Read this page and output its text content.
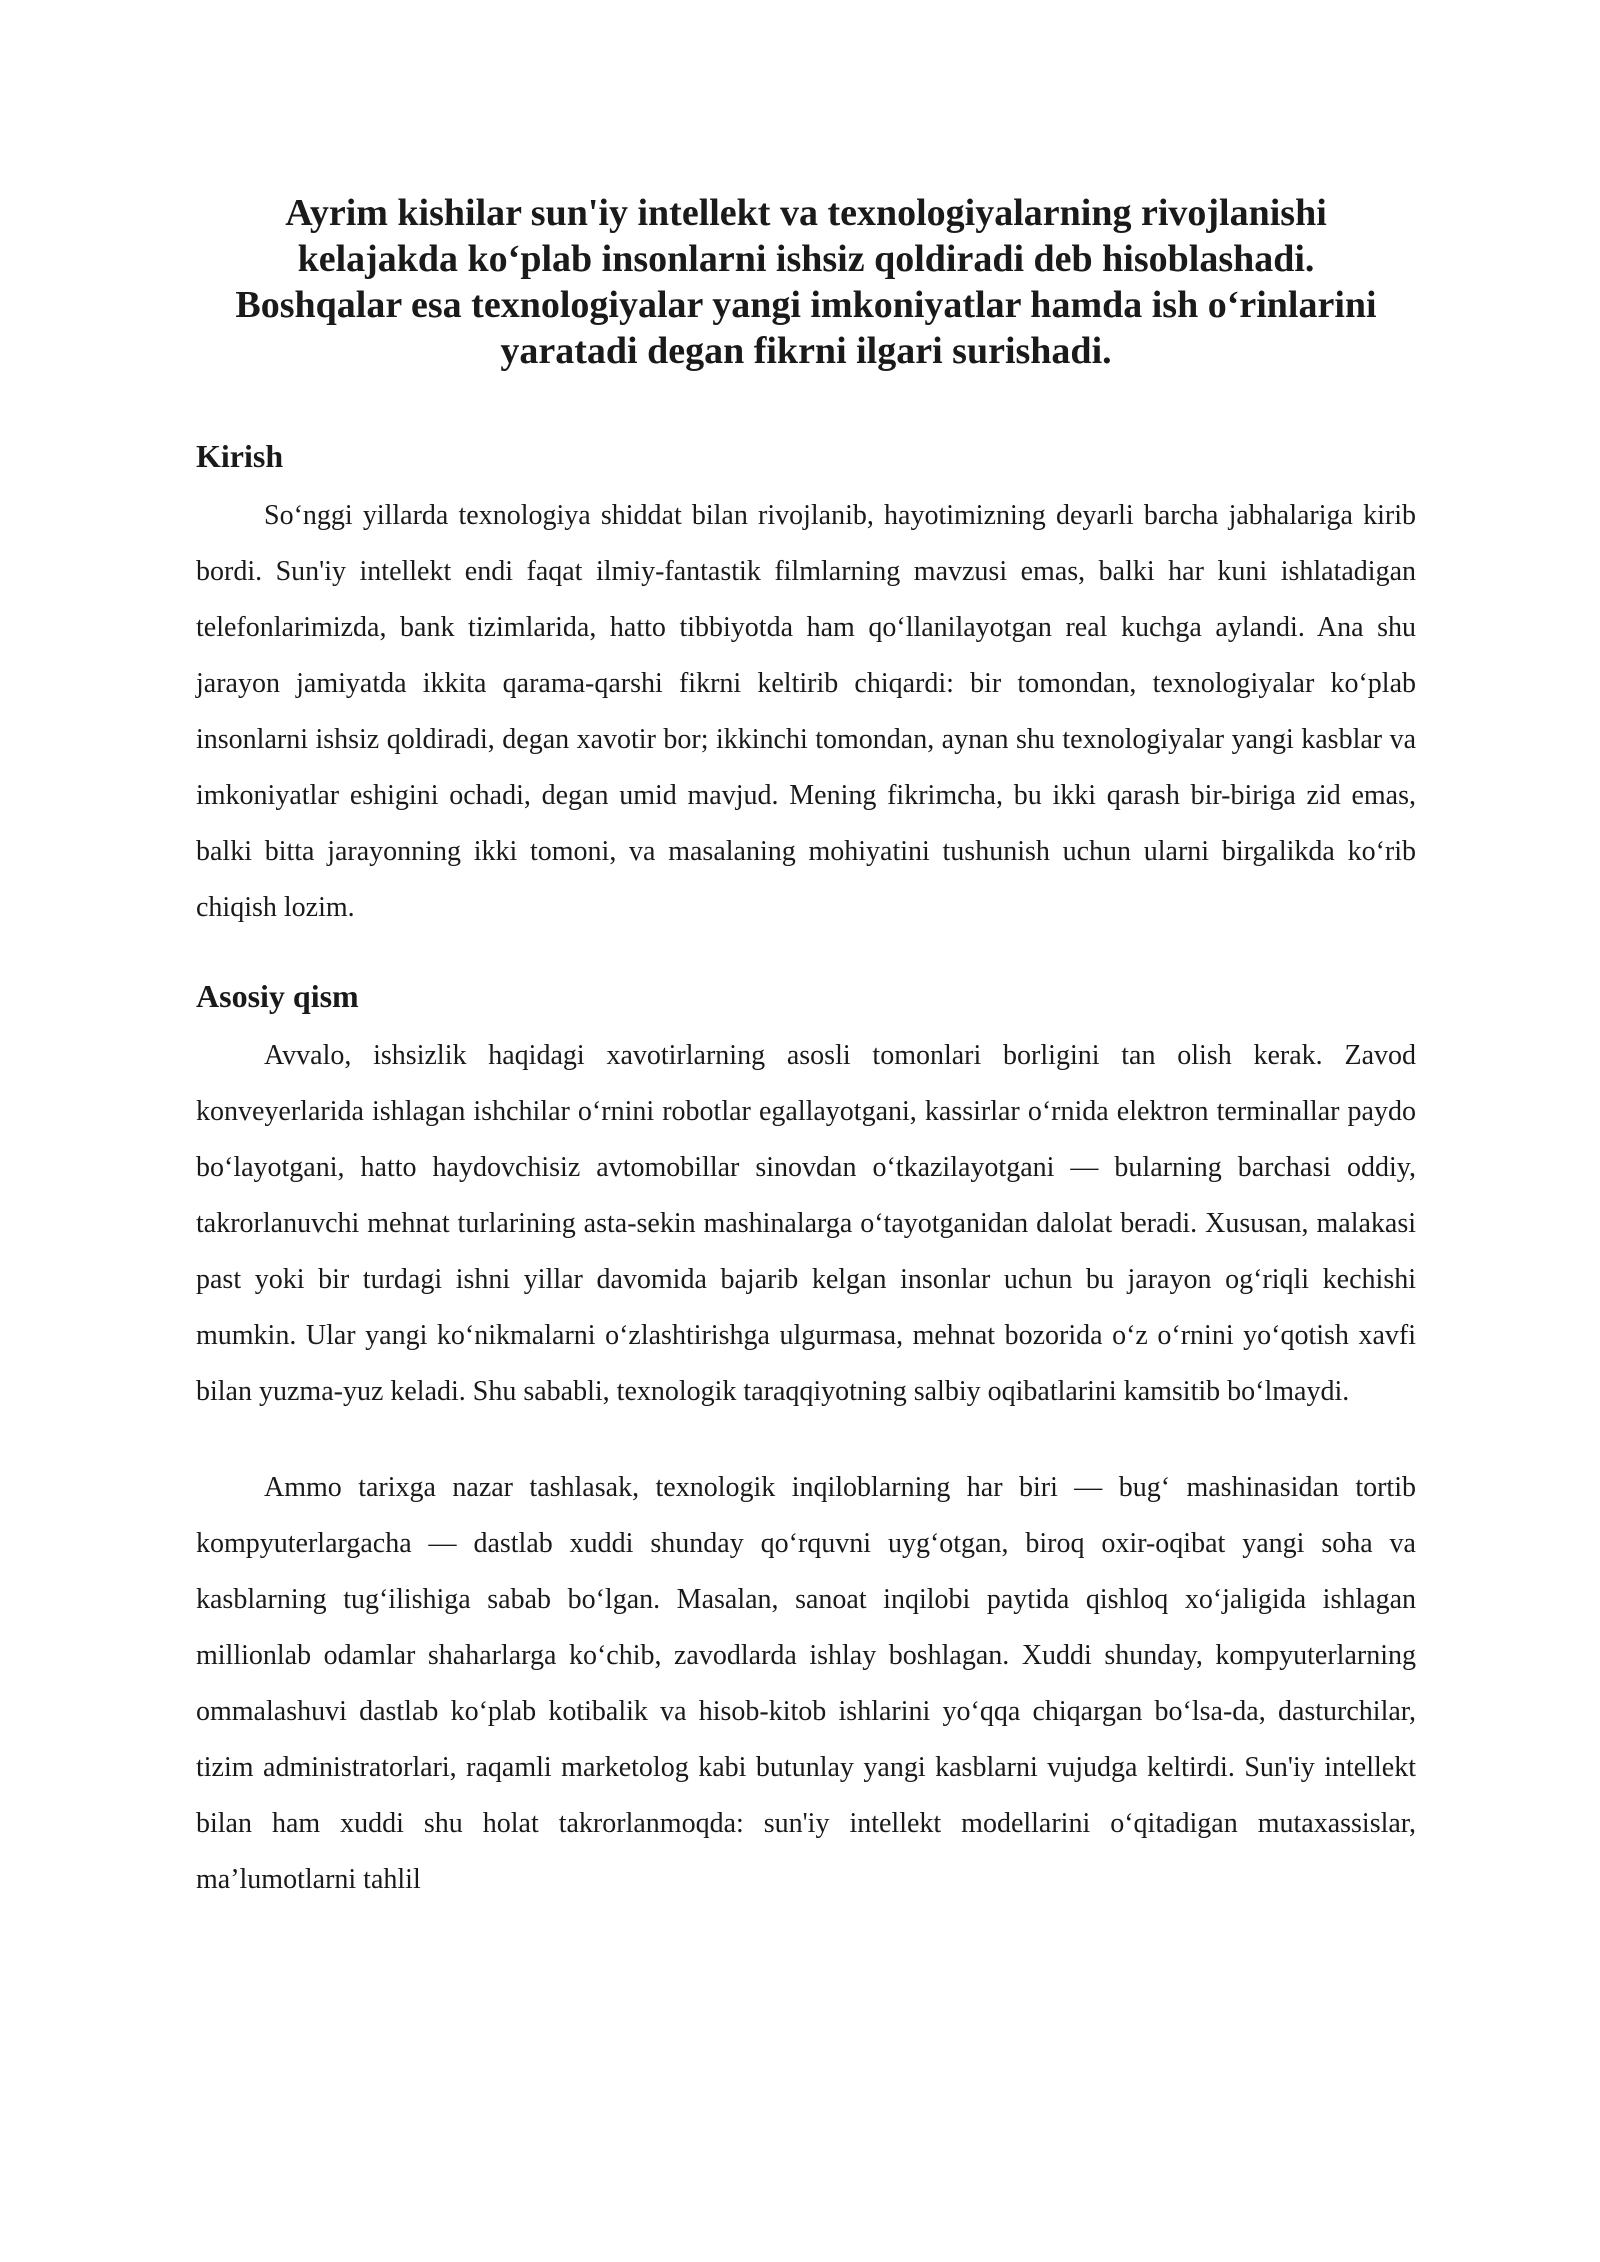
Ayrim kishilar sun'iy intellekt va texnologiyalarning rivojlanishi
kelajakda koʻplab insonlarni ishsiz qoldiradi deb hisoblashadi.
Boshqalar esa texnologiyalar yangi imkoniyatlar hamda ish oʻrinlarini
yaratadi degan fikrni ilgari surishadi.
Kirish

Soʻnggi yillarda texnologiya shiddat bilan rivojlanib, hayotimizning deyarli barcha jabhalariga kirib bordi. Sun'iy intellekt endi faqat ilmiy-fantastik filmlarning mavzusi emas, balki har kuni ishlatadigan telefonlarimizda, bank tizimlarida, hatto tibbiyotda ham qoʻllanilayotgan real kuchga aylandi. Ana shu jarayon jamiyatda ikkita qarama-qarshi fikrni keltirib chiqardi: bir tomondan, texnologiyalar koʻplab insonlarni ishsiz qoldiradi, degan xavotir bor; ikkinchi tomondan, aynan shu texnologiyalar yangi kasblar va imkoniyatlar eshigini ochadi, degan umid mavjud. Mening fikrimcha, bu ikki qarash bir-biriga zid emas, balki bitta jarayonning ikki tomoni, va masalaning mohiyatini tushunish uchun ularni birgalikda koʻrib chiqish lozim.

Asosiy qism

Avvalo, ishsizlik haqidagi xavotirlarning asosli tomonlari borligini tan olish kerak. Zavod konveyerlarida ishlagan ishchilar oʻrnini robotlar egallayotgani, kassirlar oʻrnida elektron terminallar paydo boʻlayotgani, hatto haydovchisiz avtomobillar sinovdan oʻtkazilayotgani — bularning barchasi oddiy, takrorlanuvchi mehnat turlarining asta-sekin mashinalarga oʻtayotganidan dalolat beradi. Xususan, malakasi past yoki bir turdagi ishni yillar davomida bajarib kelgan insonlar uchun bu jarayon ogʻriqli kechishi mumkin. Ular yangi koʻnikmalarni oʻzlashtirishga ulgurmasa, mehnat bozorida oʻz oʻrnini yoʻqotish xavfi bilan yuzma-yuz keladi. Shu sababli, texnologik taraqqiyotning salbiy oqibatlarini kamsitib boʻlmaydi.

Ammo tarixga nazar tashlasak, texnologik inqiloblarning har biri — bugʻ mashinasidan tortib kompyuterlargacha — dastlab xuddi shunday qoʻrquvni uygʻotgan, biroq oxir-oqibat yangi soha va kasblarning tugʻilishiga sabab boʻlgan. Masalan, sanoat inqilobi paytida qishloq xoʻjaligida ishlagan millionlab odamlar shaharlarga koʻchib, zavodlarda ishlay boshlagan. Xuddi shunday, kompyuterlarning ommalashuvi dastlab koʻplab kotibalik va hisob-kitob ishlarini yoʻqqa chiqargan boʻlsa-da, dasturchilar, tizim administratorlari, raqamli marketolog kabi butunlay yangi kasblarni vujudga keltirdi. Sun'iy intellekt bilan ham xuddi shu holat takrorlanmoqda: sun'iy intellekt modellarini oʻqitadigan mutaxassislar, maʼlumotlarni tahlil
